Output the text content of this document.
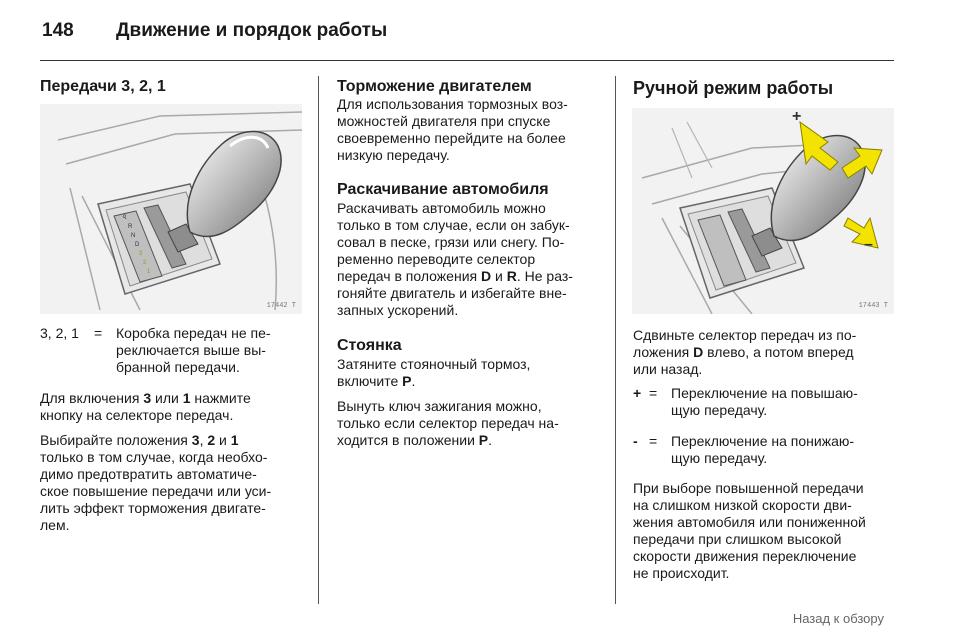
148 Движение и порядок работы
Передачи 3, 2, 1
17442 T
P
R
N
D
3
2
1
3, 2, 1 = Коробка передач не пе-
реключается выше вы-
бранной передачи.
Для включения 3 или 1 нажмите
кнопку на селекторе передач.
Выбирайте положения 3, 2 и 1
только в том случае, когда необхо-
димо предотвратить автоматиче-
ское повышение передачи или уси-
лить эффект торможения двигате-
лем.
Торможение двигателем
Для использования тормозных воз-
можностей двигателя при спуске
своевременно перейдите на более
низкую передачу.
Раскачивание автомобиля
Раскачивать автомобиль можно
только в том случае, если он забук-
совал в песке, грязи или снегу. По-
ременно переводите селектор
передач в положения D и R. Не раз-
гоняйте двигатель и избегайте вне-
запных ускорений.
Стоянка
Затяните стояночный тормоз,
включите P.
Вынуть ключ зажигания можно,
только если селектор передач на-
ходится в положении P.
Ручной режим работы
+
–
17443 T
Сдвиньте селектор передач из по-
ложения D влево, а потом вперед
или назад.
+ = Переключение на повышаю-
щую передачу.
- = Переключение на понижаю-
щую передачу.
При выборе повышенной передачи
на слишком низкой скорости дви-
жения автомобиля или пониженной
передачи при слишком высокой
скорости движения переключение
не происходит.
Назад к обзору
